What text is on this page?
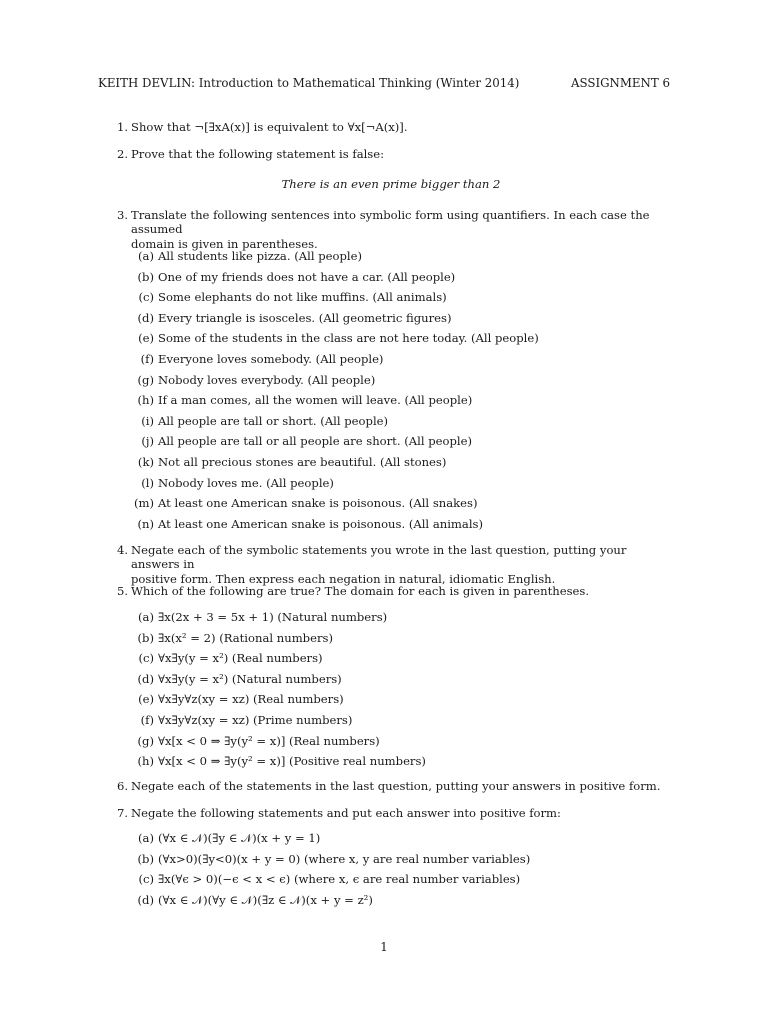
KEITH DEVLIN: Introduction to Mathematical Thinking (Winter 2014)	ASSIGNMENT 6
1. Show that ¬[∃xA(x)] is equivalent to ∀x[¬A(x)].
2. Prove that the following statement is false:
There is an even prime bigger than 2
3. Translate the following sentences into symbolic form using quantifiers. In each case the assumed
domain is given in parentheses.
(a) All students like pizza. (All people)
(b) One of my friends does not have a car. (All people)
(c) Some elephants do not like muffins. (All animals)
(d) Every triangle is isosceles. (All geometric figures)
(e) Some of the students in the class are not here today. (All people)
(f) Everyone loves somebody. (All people)
(g) Nobody loves everybody. (All people)
(h) If a man comes, all the women will leave. (All people)
(i) All people are tall or short. (All people)
(j) All people are tall or all people are short. (All people)
(k) Not all precious stones are beautiful. (All stones)
(l) Nobody loves me. (All people)
(m) At least one American snake is poisonous. (All snakes)
(n) At least one American snake is poisonous. (All animals)
4. Negate each of the symbolic statements you wrote in the last question, putting your answers in
positive form. Then express each negation in natural, idiomatic English.
5. Which of the following are true? The domain for each is given in parentheses.
(a) ∃x(2x + 3 = 5x + 1) (Natural numbers)
(b) ∃x(x² = 2) (Rational numbers)
(c) ∀x∃y(y = x²) (Real numbers)
(d) ∀x∃y(y = x²) (Natural numbers)
(e) ∀x∃y∀z(xy = xz) (Real numbers)
(f) ∀x∃y∀z(xy = xz) (Prime numbers)
(g) ∀x[x < 0 ⇒ ∃y(y² = x)] (Real numbers)
(h) ∀x[x < 0 ⇒ ∃y(y² = x)] (Positive real numbers)
6. Negate each of the statements in the last question, putting your answers in positive form.
7. Negate the following statements and put each answer into positive form:
(a) (∀x ∈ 𝒩)(∃y ∈ 𝒩)(x + y = 1)
(b) (∀x>0)(∃y<0)(x + y = 0) (where x, y are real number variables)
(c) ∃x(∀ϵ > 0)(−ϵ < x < ϵ) (where x, ϵ are real number variables)
(d) (∀x ∈ 𝒩)(∀y ∈ 𝒩)(∃z ∈ 𝒩)(x + y = z²)
1
